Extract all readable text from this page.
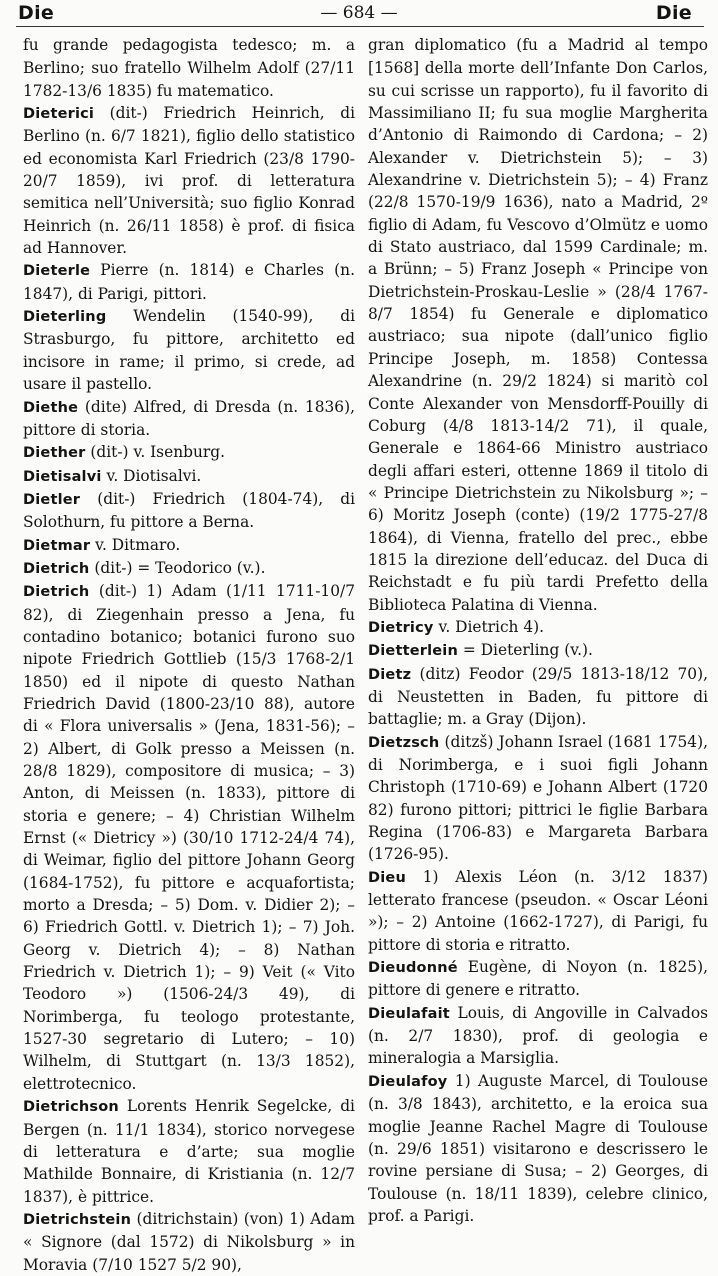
Die	— 684 —	Die

fu grande pedagogista tedesco; m. a Berlino; suo fratello Wilhelm Adolf (27/11 1782-13/6 1835) fu matematico.

Dieterici (dit-) Friedrich Heinrich, di Berlino (n. 6/7 1821), figlio dello statistico ed economista Karl Friedrich (23/8 1790-20/7 1859), ivi prof. di letteratura semitica nell’Università; suo figlio Konrad Heinrich (n. 26/11 1858) è prof. di fisica ad Hannover.

Dieterle Pierre (n. 1814) e Charles (n. 1847), di Parigi, pittori.

Dieterling Wendelin (1540-99), di Strasburgo, fu pittore, architetto ed incisore in rame; il primo, si crede, ad usare il pastello.

Diethe (dite) Alfred, di Dresda (n. 1836), pittore di storia.

Diether (dit-) v. Isenburg.

Dietisalvi v. Diotisalvi.

Dietler (dit-) Friedrich (1804-74), di Solothurn, fu pittore a Berna.

Dietmar v. Ditmaro.

Dietrich (dit-) = Teodorico (v.).

Dietrich (dit-) 1) Adam (1/11 1711-10/7 82), di Ziegenhain presso a Jena, fu contadino botanico; botanici furono suo nipote Friedrich Gottlieb (15/3 1768-2/1 1850) ed il nipote di questo Nathan Friedrich David (1800-23/10 88), autore di « Flora universalis » (Jena, 1831-56); – 2) Albert, di Golk presso a Meissen (n. 28/8 1829), compositore di musica; – 3) Anton, di Meissen (n. 1833), pittore di storia e genere; – 4) Christian Wilhelm Ernst (« Dietricy ») (30/10 1712-24/4 74), di Weimar, figlio del pittore Johann Georg (1684-1752), fu pittore e acquafortista; morto a Dresda; – 5) Dom. v. Didier 2); – 6) Friedrich Gottl. v. Dietrich 1); – 7) Joh. Georg v. Dietrich 4); – 8) Nathan Friedrich v. Dietrich 1); – 9) Veit (« Vito Teodoro ») (1506-24/3 49), di Norimberga, fu teologo protestante, 1527-30 segretario di Lutero; – 10) Wilhelm, di Stuttgart (n. 13/3 1852), elettrotecnico.

Dietrichson Lorents Henrik Segelcke, di Bergen (n. 11/1 1834), storico norvegese di letteratura e d’arte; sua moglie Mathilde Bonnaire, di Kristiania (n. 12/7 1837), è pittrice.

Dietrichstein (ditrichstain) (von) 1) Adam « Signore (dal 1572) di Nikolsburg » in Moravia (7/10 1527 5/2 90),

gran diplomatico (fu a Madrid al tempo [1568] della morte dell’Infante Don Carlos, su cui scrisse un rapporto), fu il favorito di Massimiliano II; fu sua moglie Margherita d’Antonio di Raimondo di Cardona; – 2) Alexander v. Dietrichstein 5); – 3) Alexandrine v. Dietrichstein 5); – 4) Franz (22/8 1570-19/9 1636), nato a Madrid, 2º figlio di Adam, fu Vescovo d’Olmütz e uomo di Stato austriaco, dal 1599 Cardinale; m. a Brünn; – 5) Franz Joseph « Principe von Dietrichstein-Proskau-Leslie » (28/4 1767-8/7 1854) fu Generale e diplomatico austriaco; sua nipote (dall’unico figlio Principe Joseph, m. 1858) Contessa Alexandrine (n. 29/2 1824) si maritò col Conte Alexander von Mensdorff-Pouilly di Coburg (4/8 1813-14/2 71), il quale, Generale e 1864-66 Ministro austriaco degli affari esteri, ottenne 1869 il titolo di « Principe Dietrichstein zu Nikolsburg »; – 6) Moritz Joseph (conte) (19/2 1775-27/8 1864), di Vienna, fratello del prec., ebbe 1815 la direzione dell’educaz. del Duca di Reichstadt e fu più tardi Prefetto della Biblioteca Palatina di Vienna.

Dietricy v. Dietrich 4).

Dietterlein = Dieterling (v.).

Dietz (ditz) Feodor (29/5 1813-18/12 70), di Neustetten in Baden, fu pittore di battaglie; m. a Gray (Dijon).

Dietzsch (ditzš) Johann Israel (1681 1754), di Norimberga, e i suoi figli Johann Christoph (1710-69) e Johann Albert (1720 82) furono pittori; pittrici le figlie Barbara Regina (1706-83) e Margareta Barbara (1726-95).

Dieu 1) Alexis Léon (n. 3/12 1837) letterato francese (pseudon. « Oscar Léoni »); – 2) Antoine (1662-1727), di Parigi, fu pittore di storia e ritratto.

Dieudonné Eugène, di Noyon (n. 1825), pittore di genere e ritratto.

Dieulafait Louis, di Angoville in Calvados (n. 2/7 1830), prof. di geologia e mineralogia a Marsiglia.

Dieulafoy 1) Auguste Marcel, di Toulouse (n. 3/8 1843), architetto, e la eroica sua moglie Jeanne Rachel Magre di Toulouse (n. 29/6 1851) visitarono e descrissero le rovine persiane di Susa; – 2) Georges, di Toulouse (n. 18/11 1839), celebre clinico, prof. a Parigi.
